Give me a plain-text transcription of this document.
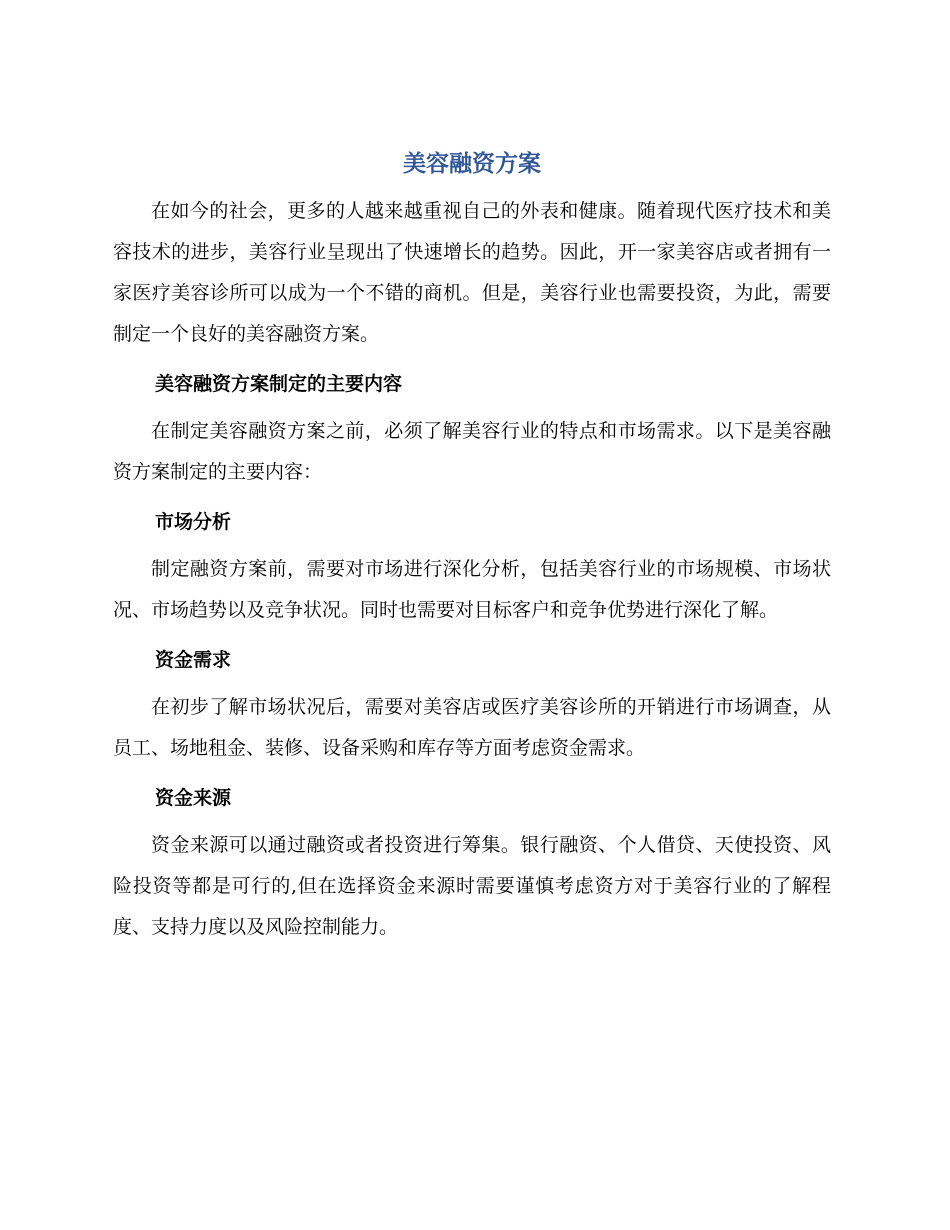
美容融资方案

在如今的社会，更多的人越来越重视自己的外表和健康。随着现代医疗技术和美容技术的进步，美容行业呈现出了快速增长的趋势。因此，开一家美容店或者拥有一家医疗美容诊所可以成为一个不错的商机。但是，美容行业也需要投资，为此，需要制定一个良好的美容融资方案。

美容融资方案制定的主要内容

在制定美容融资方案之前，必须了解美容行业的特点和市场需求。以下是美容融资方案制定的主要内容：

市场分析

制定融资方案前，需要对市场进行深化分析，包括美容行业的市场规模、市场状况、市场趋势以及竞争状况。同时也需要对目标客户和竞争优势进行深化了解。

资金需求

在初步了解市场状况后，需要对美容店或医疗美容诊所的开销进行市场调查，从员工、场地租金、装修、设备采购和库存等方面考虑资金需求。

资金来源

资金来源可以通过融资或者投资进行筹集。银行融资、个人借贷、天使投资、风险投资等都是可行的,但在选择资金来源时需要谨慎考虑资方对于美容行业的了解程度、支持力度以及风险控制能力。
